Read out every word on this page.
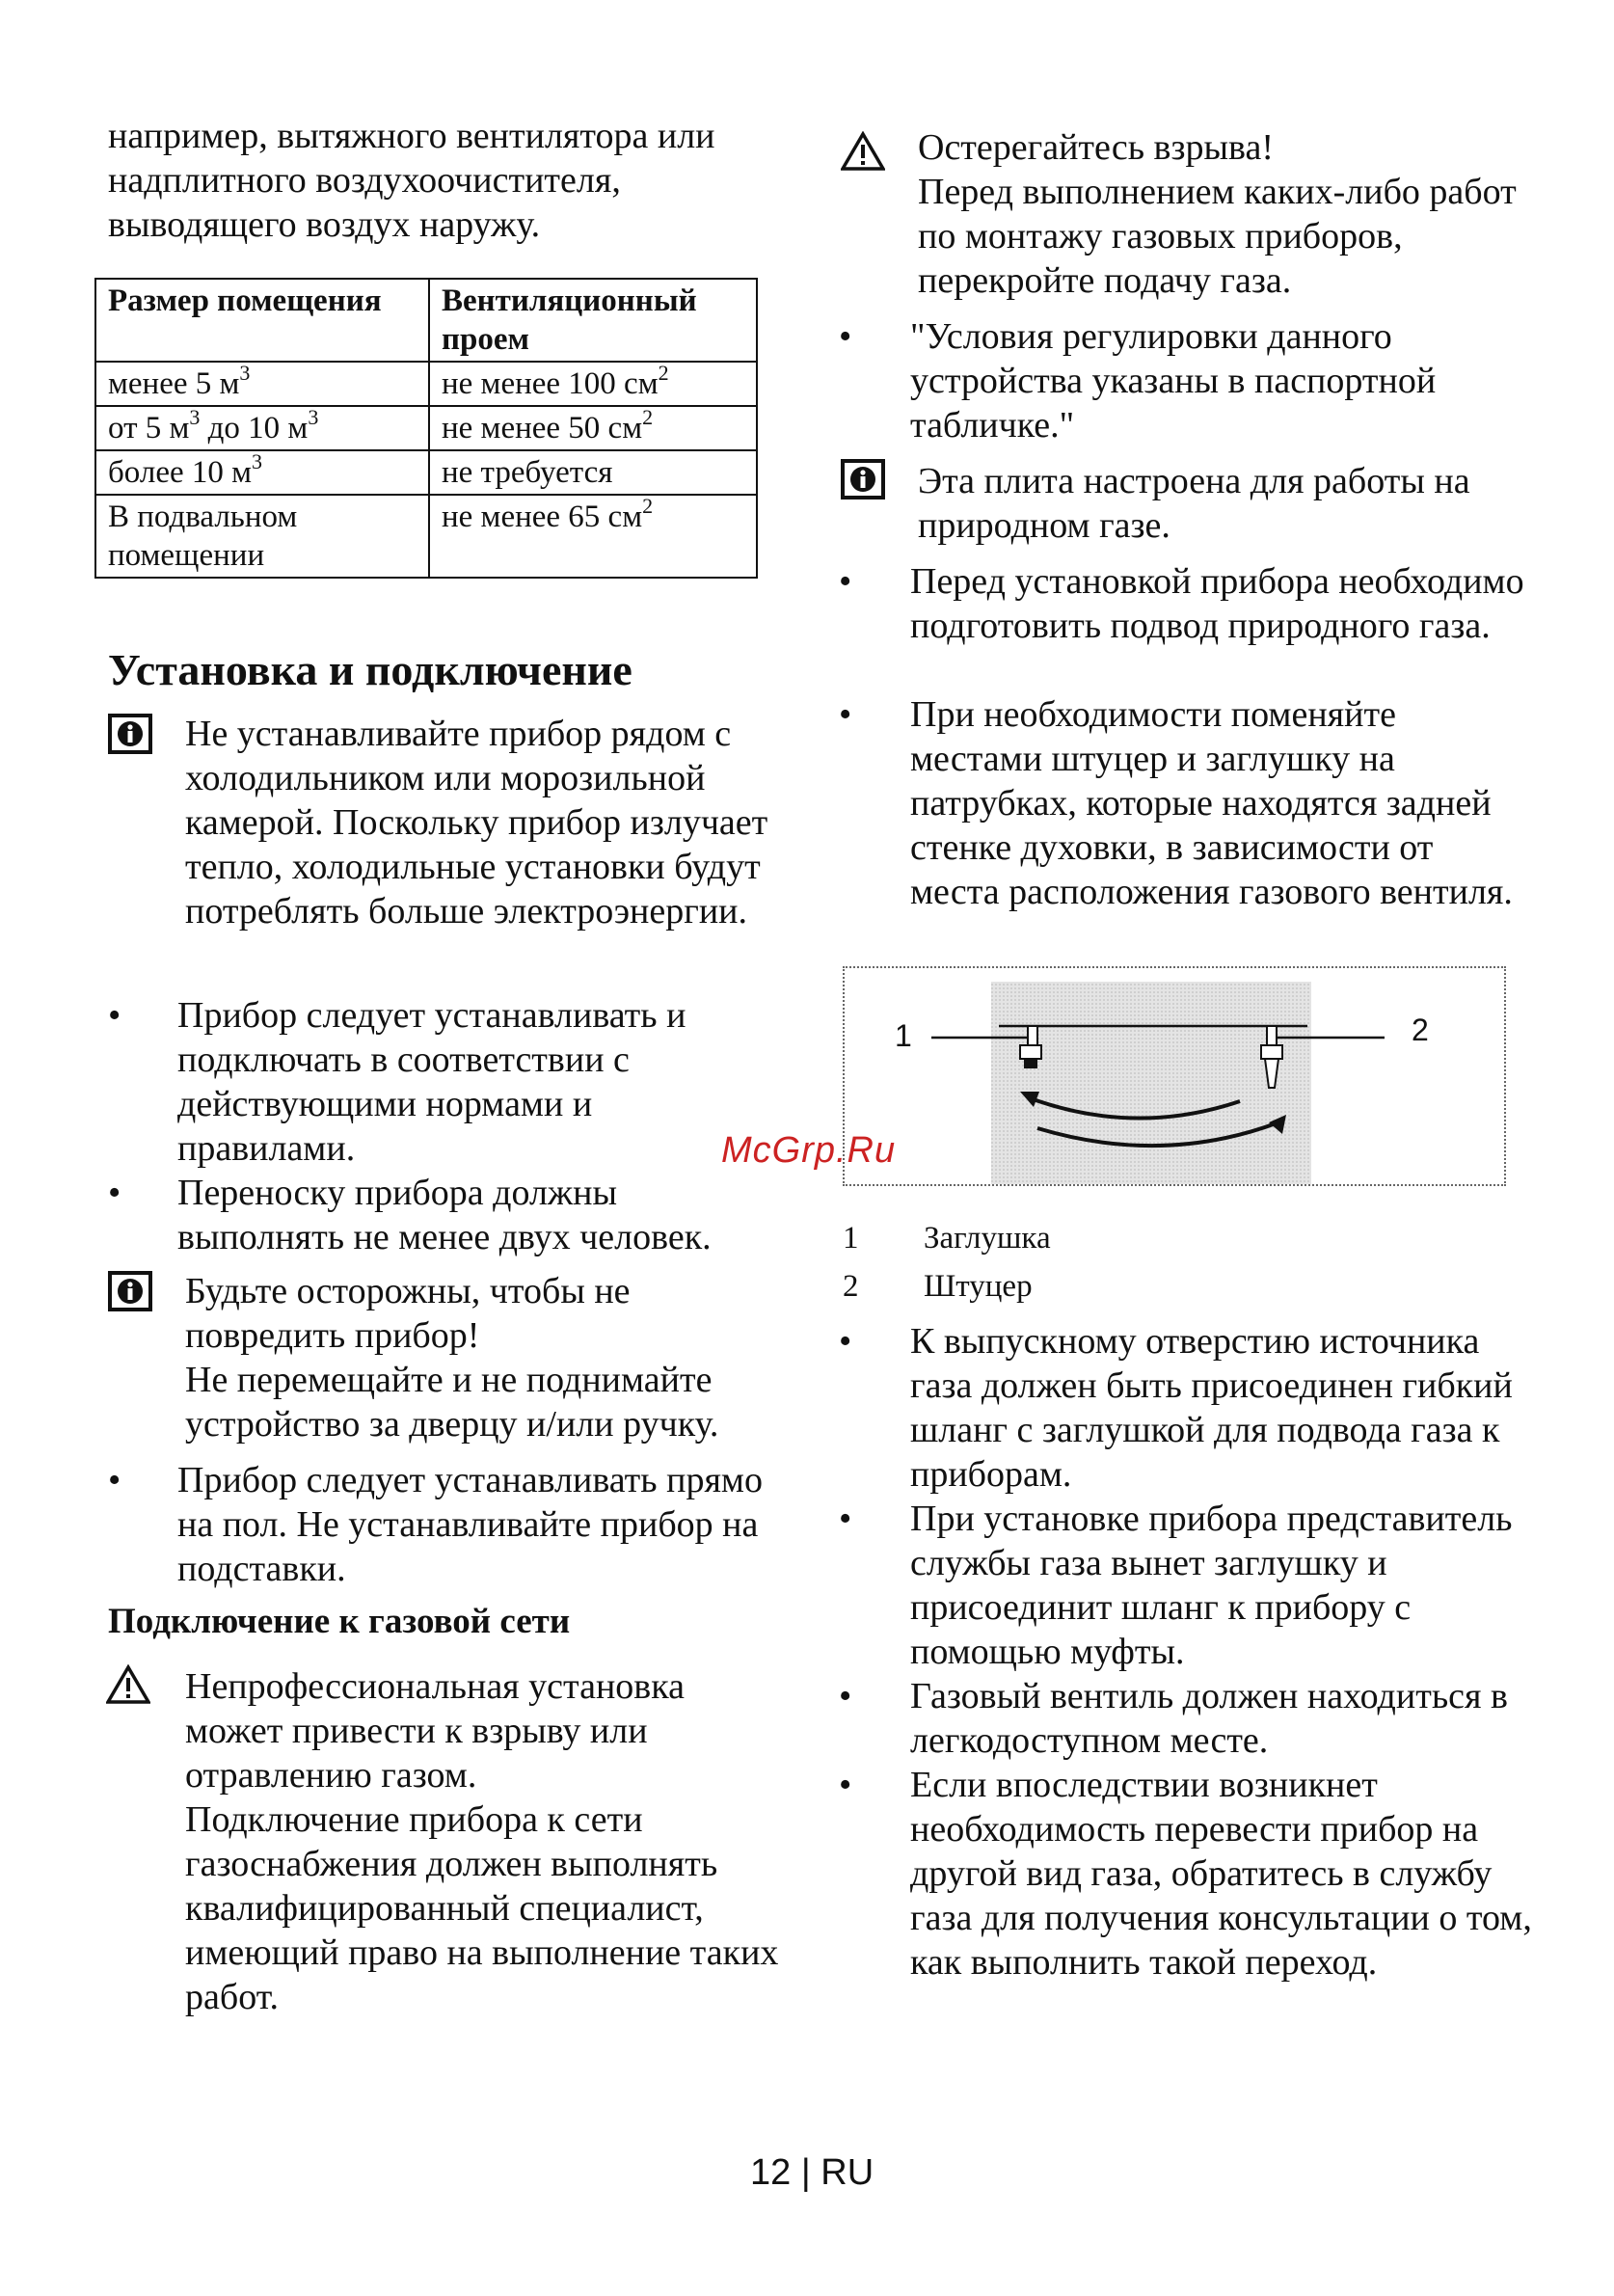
например, вытяжного вентилятора или надплитного воздухоочистителя, выводящего воздух наружу.
Размер помещения	Вентиляционный проем
менее 5 $м^3$	не менее 100 $см^2$
от 5 $м^3$ до 10 $м^3$	не менее 50 $см^2$
более 10 $м^3$	не требуется
В подвальном помещении	не менее 65 $см^2$
Установка и подключение
Не устанавливайте прибор рядом с холодильником или морозильной камерой. Поскольку прибор излучает тепло, холодильные установки будут потреблять больше электроэнергии.
• Прибор следует устанавливать и подключать в соответствии с действующими нормами и правилами.
• Переноску прибора должны выполнять не менее двух человек.
Будьте осторожны, чтобы не повредить прибор!
Не перемещайте и не поднимайте устройство за дверцу и/или ручку.
• Прибор следует устанавливать прямо на пол. Не устанавливайте прибор на подставки.
Подключение к газовой сети
Непрофессиональная установка может привести к взрыву или отравлению газом.
Подключение прибора к сети газоснабжения должен выполнять квалифицированный специалист, имеющий право на выполнение таких работ.
Остерегайтесь взрыва!
Перед выполнением каких-либо работ по монтажу газовых приборов, перекройте подачу газа.
• "Условия регулировки данного устройства указаны в паспортной табличке."
Эта плита настроена для работы на природном газе.
• Перед установкой прибора необходимо подготовить подвод природного газа.
• При необходимости поменяйте местами штуцер и заглушку на патрубках, которые находятся задней стенке духовки, в зависимости от места расположения газового вентиля.
1	2
1 Заглушка
2 Штуцер
• К выпускному отверстию источника газа должен быть присоединен гибкий шланг с заглушкой для подвода газа к приборам.
• При установке прибора представитель службы газа вынет заглушку и присоединит шланг к прибору с помощью муфты.
• Газовый вентиль должен находиться в легкодоступном месте.
• Если впоследствии возникнет необходимость перевести прибор на другой вид газа, обратитесь в службу газа для получения консультации о том, как выполнить такой переход.
McGrp.Ru
12 | RU
